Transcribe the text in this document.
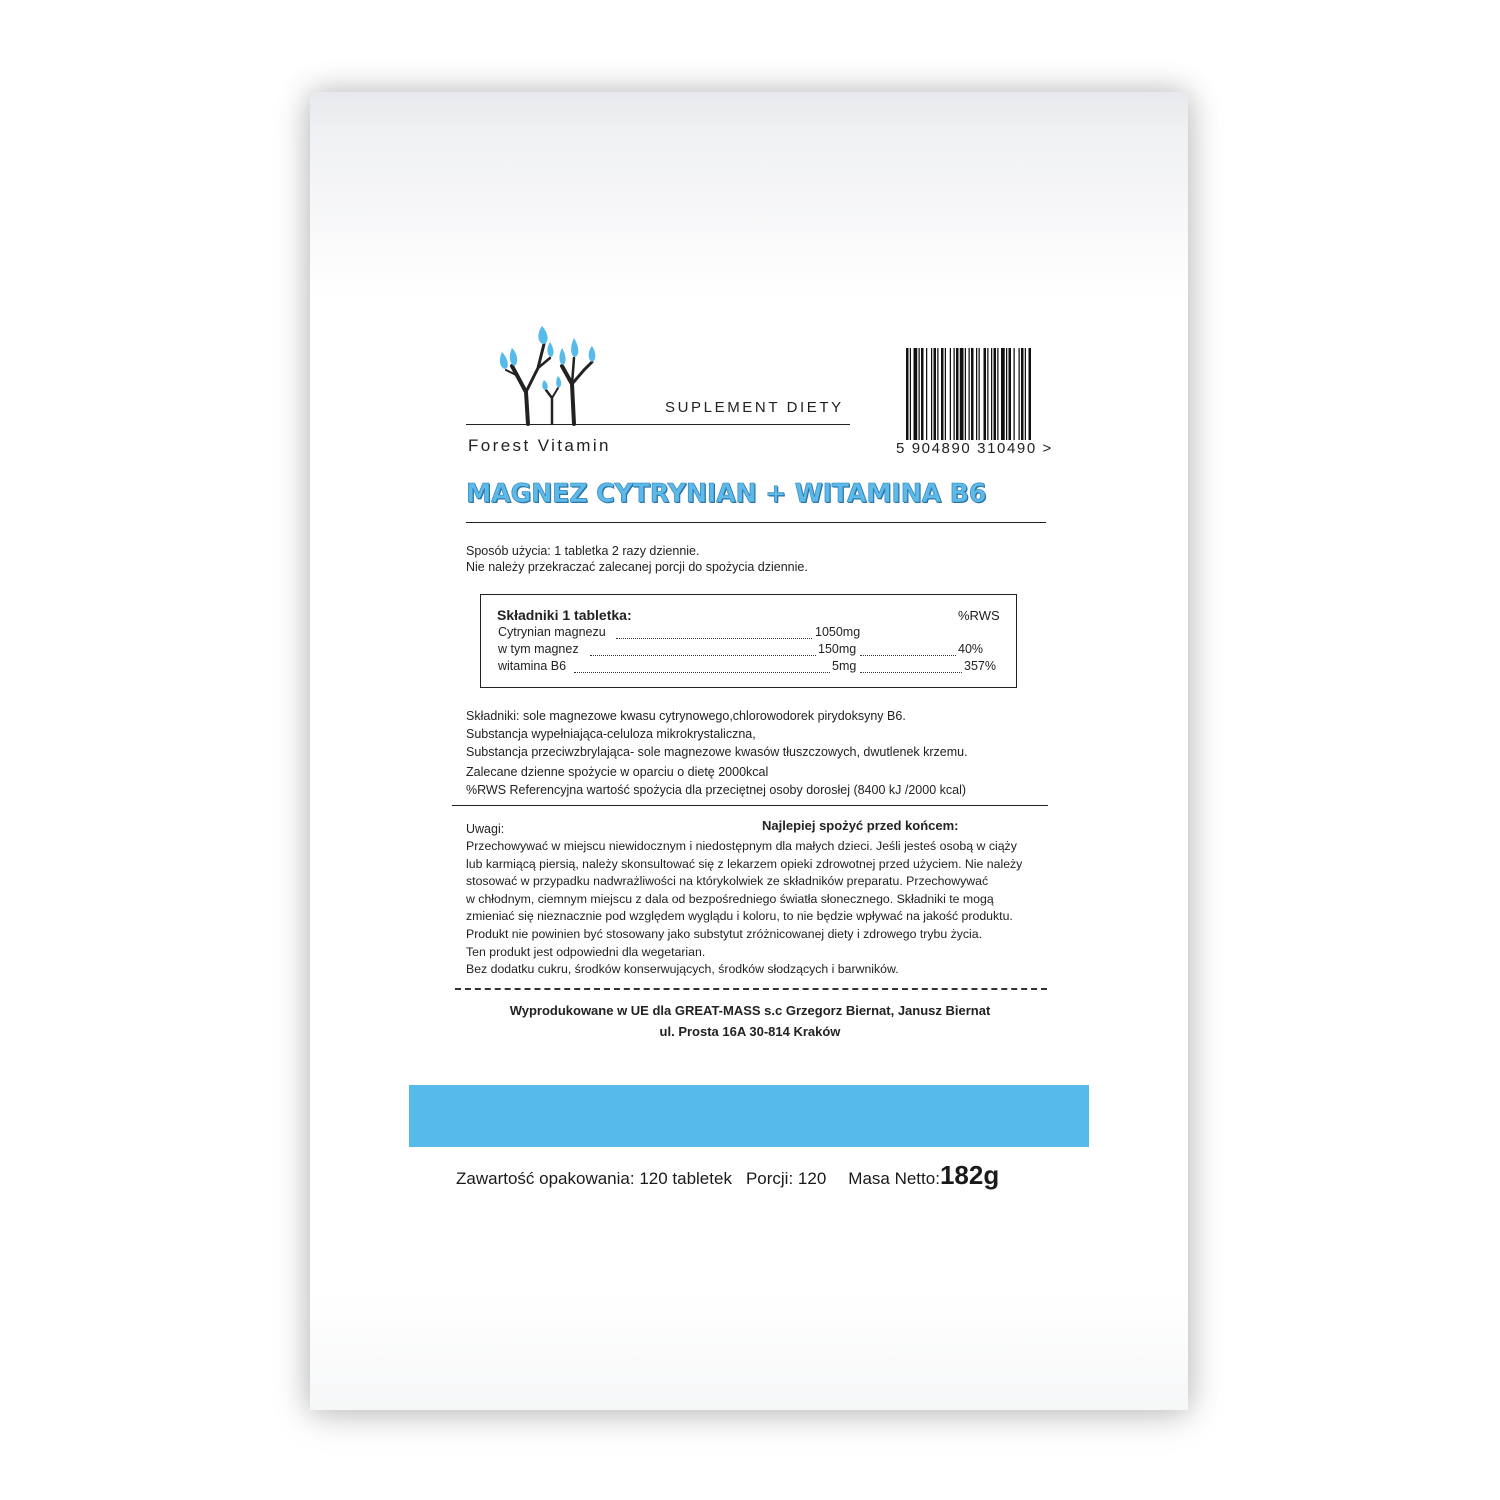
SUPLEMENT DIETY
Forest Vitamin	5 904890 310490 >
MAGNEZ CYTRYNIAN + WITAMINA B6
Sposób użycia: 1 tabletka 2 razy dziennie.
Nie należy przekraczać zalecanej porcji do spożycia dziennie.
Składniki 1 tabletka:	%RWS
Cytrynian magnezu	1050mg
w tym magnez	150mg	40%
witamina B6	5mg	357%
Składniki: sole magnezowe kwasu cytrynowego,chlorowodorek pirydoksyny B6.
Substancja wypełniająca-celuloza mikrokrystaliczna,
Substancja przeciwzbrylająca- sole magnezowe kwasów tłuszczowych, dwutlenek krzemu.
Zalecane dzienne spożycie w oparciu o dietę 2000kcal
%RWS Referencyjna wartość spożycia dla przeciętnej osoby dorosłej (8400 kJ /2000 kcal)
Uwagi:	Najlepiej spożyć przed końcem:
Przechowywać w miejscu niewidocznym i niedostępnym dla małych dzieci. Jeśli jesteś osobą w ciąży
lub karmiącą piersią, należy skonsultować się z lekarzem opieki zdrowotnej przed użyciem. Nie należy
stosować w przypadku nadwrażliwości na którykolwiek ze składników preparatu. Przechowywać
w chłodnym, ciemnym miejscu z dala od bezpośredniego światła słonecznego. Składniki te mogą
zmieniać się nieznacznie pod względem wyglądu i koloru, to nie będzie wpływać na jakość produktu.
Produkt nie powinien być stosowany jako substytut zróżnicowanej diety i zdrowego trybu życia.
Ten produkt jest odpowiedni dla wegetarian.
Bez dodatku cukru, środków konserwujących, środków słodzących i barwników.
Wyprodukowane w UE dla GREAT-MASS s.c Grzegorz Biernat, Janusz Biernat
ul. Prosta 16A 30-814 Kraków
Zawartość opakowania: 120 tabletek Porcji: 120 Masa Netto:182g
